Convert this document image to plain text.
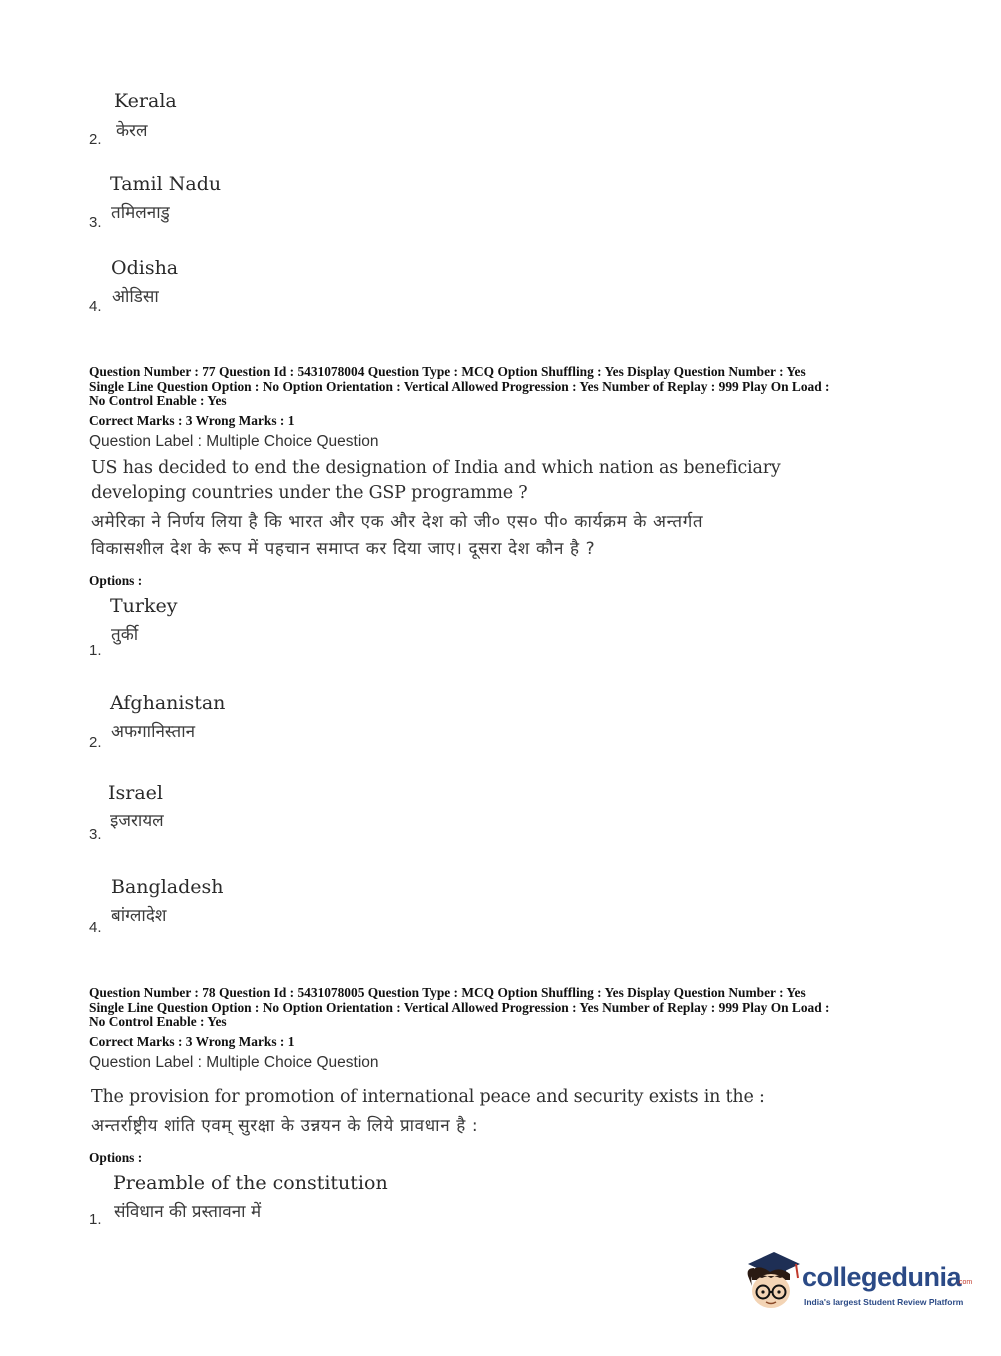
Kerala
केरल
2.
Tamil Nadu
तमिलनाडु
3.
Odisha
ओडिसा
4.
Question Number : 77 Question Id : 5431078004 Question Type : MCQ Option Shuffling : Yes Display Question Number : Yes
Single Line Question Option : No Option Orientation : Vertical Allowed Progression : Yes Number of Replay : 999 Play On Load :
No Control Enable : Yes
Correct Marks : 3 Wrong Marks : 1
Question Label : Multiple Choice Question
US has decided to end the designation of India and which nation as beneficiary
developing countries under the GSP programme ?
अमेरिका ने निर्णय लिया है कि भारत और एक और देश को जी० एस० पी० कार्यक्रम के अन्तर्गत
विकासशील देश के रूप में पहचान समाप्त कर दिया जाए। दूसरा देश कौन है ?
Options :
Turkey
तुर्की
1.
Afghanistan
अफगानिस्तान
2.
Israel
इजरायल
3.
Bangladesh
बांग्लादेश
4.
Question Number : 78 Question Id : 5431078005 Question Type : MCQ Option Shuffling : Yes Display Question Number : Yes
Single Line Question Option : No Option Orientation : Vertical Allowed Progression : Yes Number of Replay : 999 Play On Load :
No Control Enable : Yes
Correct Marks : 3 Wrong Marks : 1
Question Label : Multiple Choice Question
The provision for promotion of international peace and security exists in the :
अन्तर्राष्ट्रीय शांति एवम् सुरक्षा के उन्नयन के लिये प्रावधान है :
Options :
Preamble of the constitution
संविधान की प्रस्तावना में
1.
collegedunia
.com
India's largest Student Review Platform
